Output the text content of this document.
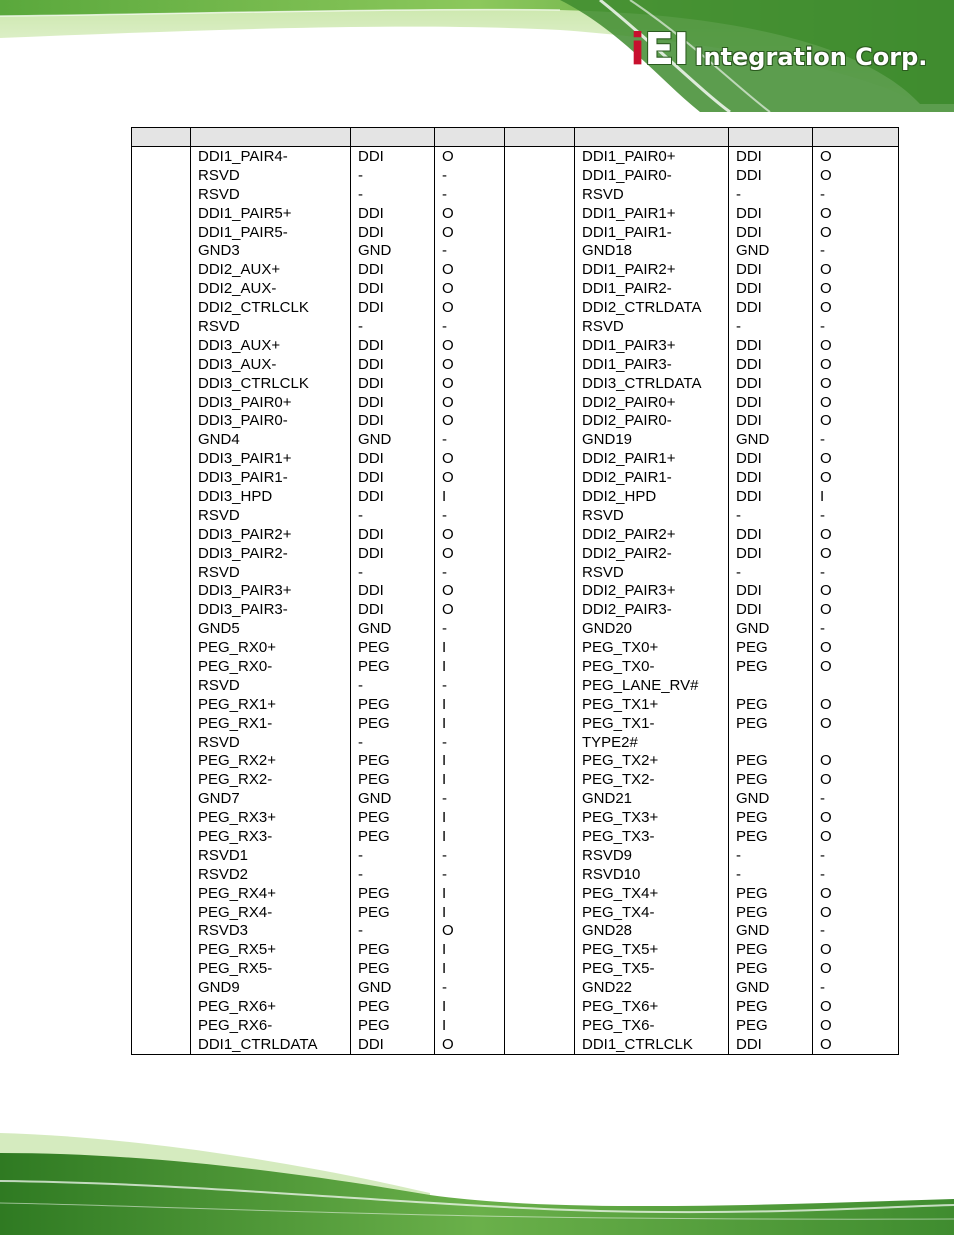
iEI Integration Corp.

	DDI1_PAIR4-	DDI	O		DDI1_PAIR0+	DDI	O
	RSVD	-	-		DDI1_PAIR0-	DDI	O
	RSVD	-	-		RSVD	-	-
	DDI1_PAIR5+	DDI	O		DDI1_PAIR1+	DDI	O
	DDI1_PAIR5-	DDI	O		DDI1_PAIR1-	DDI	O
	GND3	GND	-		GND18	GND	-
	DDI2_AUX+	DDI	O		DDI1_PAIR2+	DDI	O
	DDI2_AUX-	DDI	O		DDI1_PAIR2-	DDI	O
	DDI2_CTRLCLK	DDI	O		DDI2_CTRLDATA	DDI	O
	RSVD	-	-		RSVD	-	-
	DDI3_AUX+	DDI	O		DDI1_PAIR3+	DDI	O
	DDI3_AUX-	DDI	O		DDI1_PAIR3-	DDI	O
	DDI3_CTRLCLK	DDI	O		DDI3_CTRLDATA	DDI	O
	DDI3_PAIR0+	DDI	O		DDI2_PAIR0+	DDI	O
	DDI3_PAIR0-	DDI	O		DDI2_PAIR0-	DDI	O
	GND4	GND	-		GND19	GND	-
	DDI3_PAIR1+	DDI	O		DDI2_PAIR1+	DDI	O
	DDI3_PAIR1-	DDI	O		DDI2_PAIR1-	DDI	O
	DDI3_HPD	DDI	I		DDI2_HPD	DDI	I
	RSVD	-	-		RSVD	-	-
	DDI3_PAIR2+	DDI	O		DDI2_PAIR2+	DDI	O
	DDI3_PAIR2-	DDI	O		DDI2_PAIR2-	DDI	O
	RSVD	-	-		RSVD	-	-
	DDI3_PAIR3+	DDI	O		DDI2_PAIR3+	DDI	O
	DDI3_PAIR3-	DDI	O		DDI2_PAIR3-	DDI	O
	GND5	GND	-		GND20	GND	-
	PEG_RX0+	PEG	I		PEG_TX0+	PEG	O
	PEG_RX0-	PEG	I		PEG_TX0-	PEG	O
	RSVD	-	-		PEG_LANE_RV#		
	PEG_RX1+	PEG	I		PEG_TX1+	PEG	O
	PEG_RX1-	PEG	I		PEG_TX1-	PEG	O
	RSVD	-	-		TYPE2#		
	PEG_RX2+	PEG	I		PEG_TX2+	PEG	O
	PEG_RX2-	PEG	I		PEG_TX2-	PEG	O
	GND7	GND	-		GND21	GND	-
	PEG_RX3+	PEG	I		PEG_TX3+	PEG	O
	PEG_RX3-	PEG	I		PEG_TX3-	PEG	O
	RSVD1	-	-		RSVD9	-	-
	RSVD2	-	-		RSVD10	-	-
	PEG_RX4+	PEG	I		PEG_TX4+	PEG	O
	PEG_RX4-	PEG	I		PEG_TX4-	PEG	O
	RSVD3	-	O		GND28	GND	-
	PEG_RX5+	PEG	I		PEG_TX5+	PEG	O
	PEG_RX5-	PEG	I		PEG_TX5-	PEG	O
	GND9	GND	-		GND22	GND	-
	PEG_RX6+	PEG	I		PEG_TX6+	PEG	O
	PEG_RX6-	PEG	I		PEG_TX6-	PEG	O
	DDI1_CTRLDATA	DDI	O		DDI1_CTRLCLK	DDI	O
